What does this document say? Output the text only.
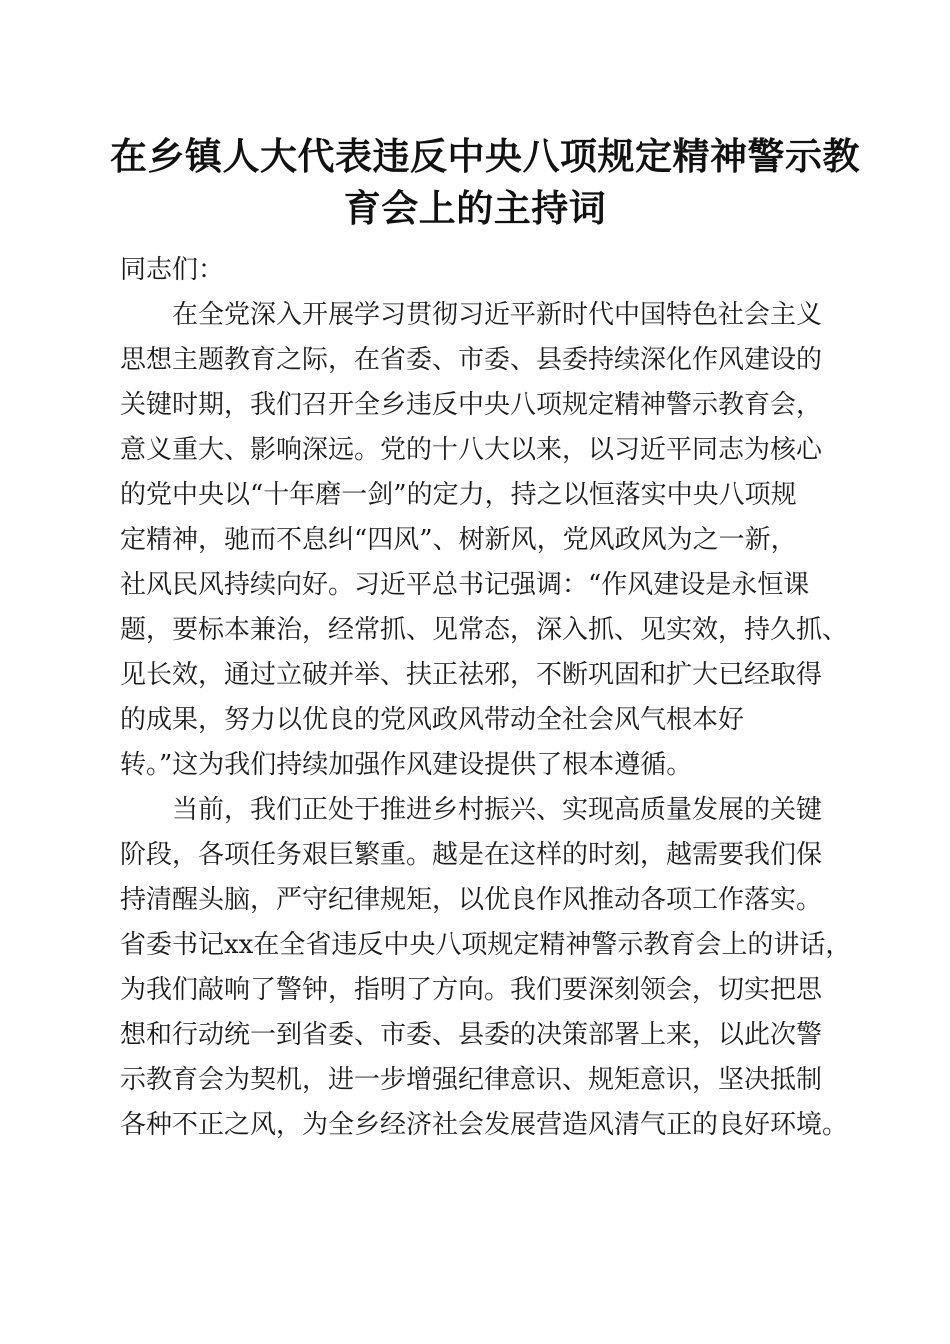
在乡镇人大代表违反中央八项规定精神警示教
育会上的主持词

同志们：

在全党深入开展学习贯彻习近平新时代中国特色社会主义
思想主题教育之际，在省委、市委、县委持续深化作风建设的
关键时期，我们召开全乡违反中央八项规定精神警示教育会，
意义重大、影响深远。党的十八大以来，以习近平同志为核心
的党中央以“十年磨一剑”的定力，持之以恒落实中央八项规
定精神，驰而不息纠“四风”、树新风，党风政风为之一新，
社风民风持续向好。习近平总书记强调：“作风建设是永恒课
题，要标本兼治，经常抓、见常态，深入抓、见实效，持久抓、
见长效，通过立破并举、扶正祛邪，不断巩固和扩大已经取得
的成果，努力以优良的党风政风带动全社会风气根本好
转。”这为我们持续加强作风建设提供了根本遵循。
当前，我们正处于推进乡村振兴、实现高质量发展的关键
阶段，各项任务艰巨繁重。越是在这样的时刻，越需要我们保
持清醒头脑，严守纪律规矩，以优良作风推动各项工作落实。
省委书记xx在全省违反中央八项规定精神警示教育会上的讲话，
为我们敲响了警钟，指明了方向。我们要深刻领会，切实把思
想和行动统一到省委、市委、县委的决策部署上来，以此次警
示教育会为契机，进一步增强纪律意识、规矩意识，坚决抵制
各种不正之风，为全乡经济社会发展营造风清气正的良好环境。
